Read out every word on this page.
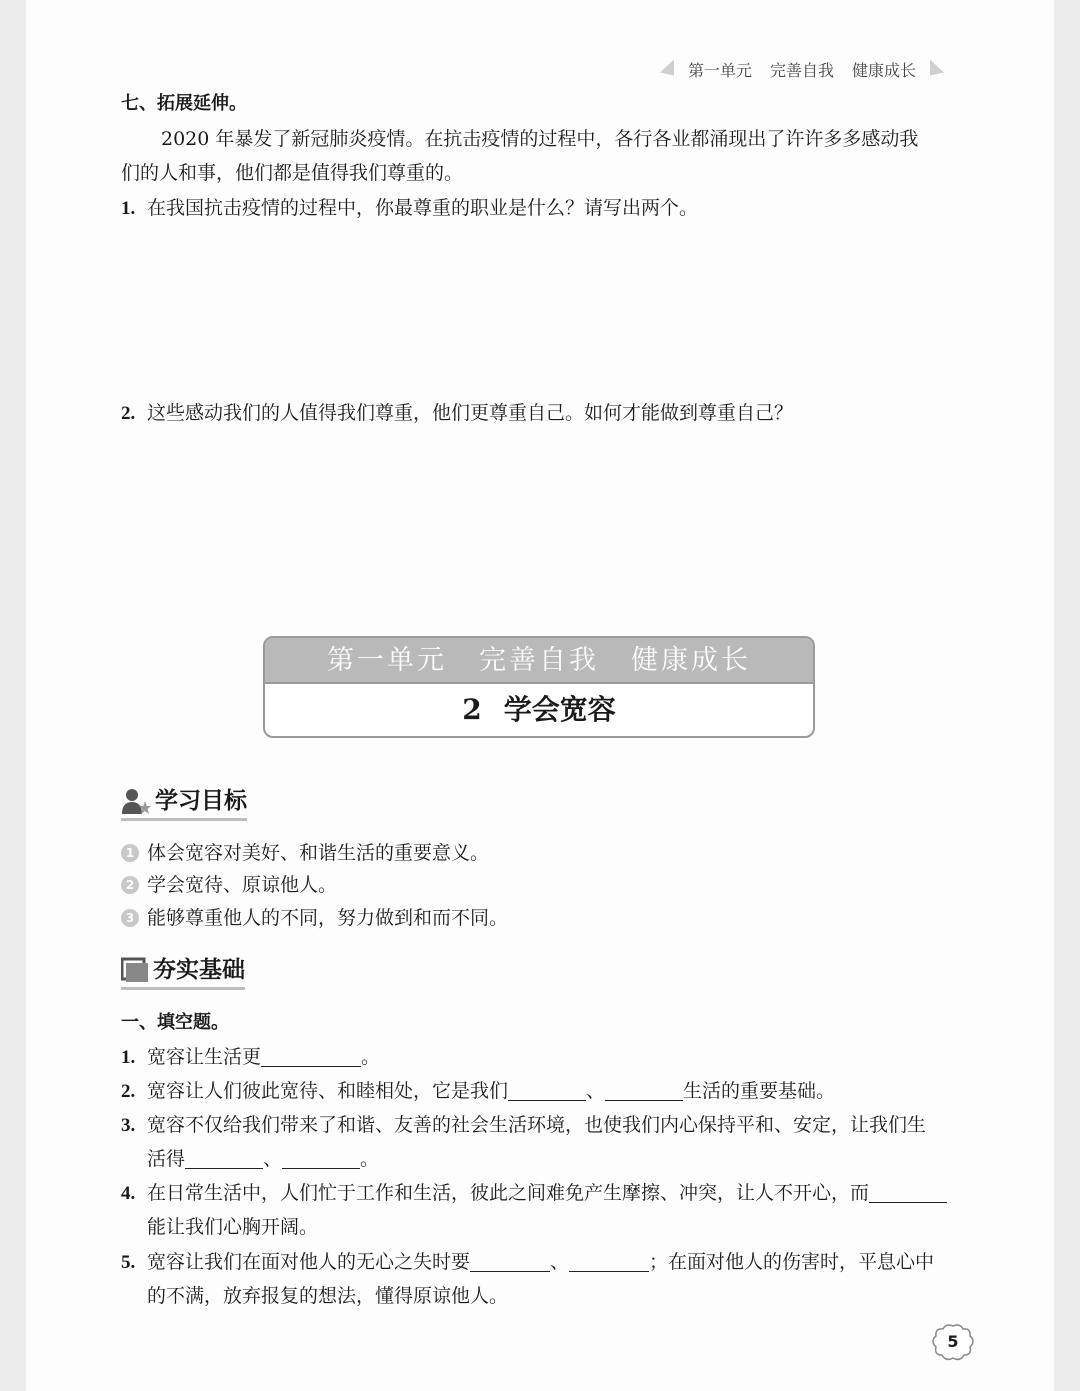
第一单元 完善自我 健康成长
七、拓展延伸。
2020 年暴发了新冠肺炎疫情。在抗击疫情的过程中，各行各业都涌现出了许许多多感动我
们的人和事，他们都是值得我们尊重的。
1. 在我国抗击疫情的过程中，你最尊重的职业是什么？请写出两个。
2. 这些感动我们的人值得我们尊重，他们更尊重自己。如何才能做到尊重自己？
第一单元 完善自我 健康成长
2 学会宽容
学习目标
1 体会宽容对美好、和谐生活的重要意义。
2 学会宽待、原谅他人。
3 能够尊重他人的不同，努力做到和而不同。
夯实基础
一、填空题。
1. 宽容让生活更	。
2. 宽容让人们彼此宽待、和睦相处，它是我们	、	生活的重要基础。
3. 宽容不仅给我们带来了和谐、友善的社会生活环境，也使我们内心保持平和、安定，让我们生
活得	、	。
4. 在日常生活中，人们忙于工作和生活，彼此之间难免产生摩擦、冲突，让人不开心，而
能让我们心胸开阔。
5. 宽容让我们在面对他人的无心之失时要	、	；在面对他人的伤害时，平息心中
的不满，放弃报复的想法，懂得原谅他人。
5
